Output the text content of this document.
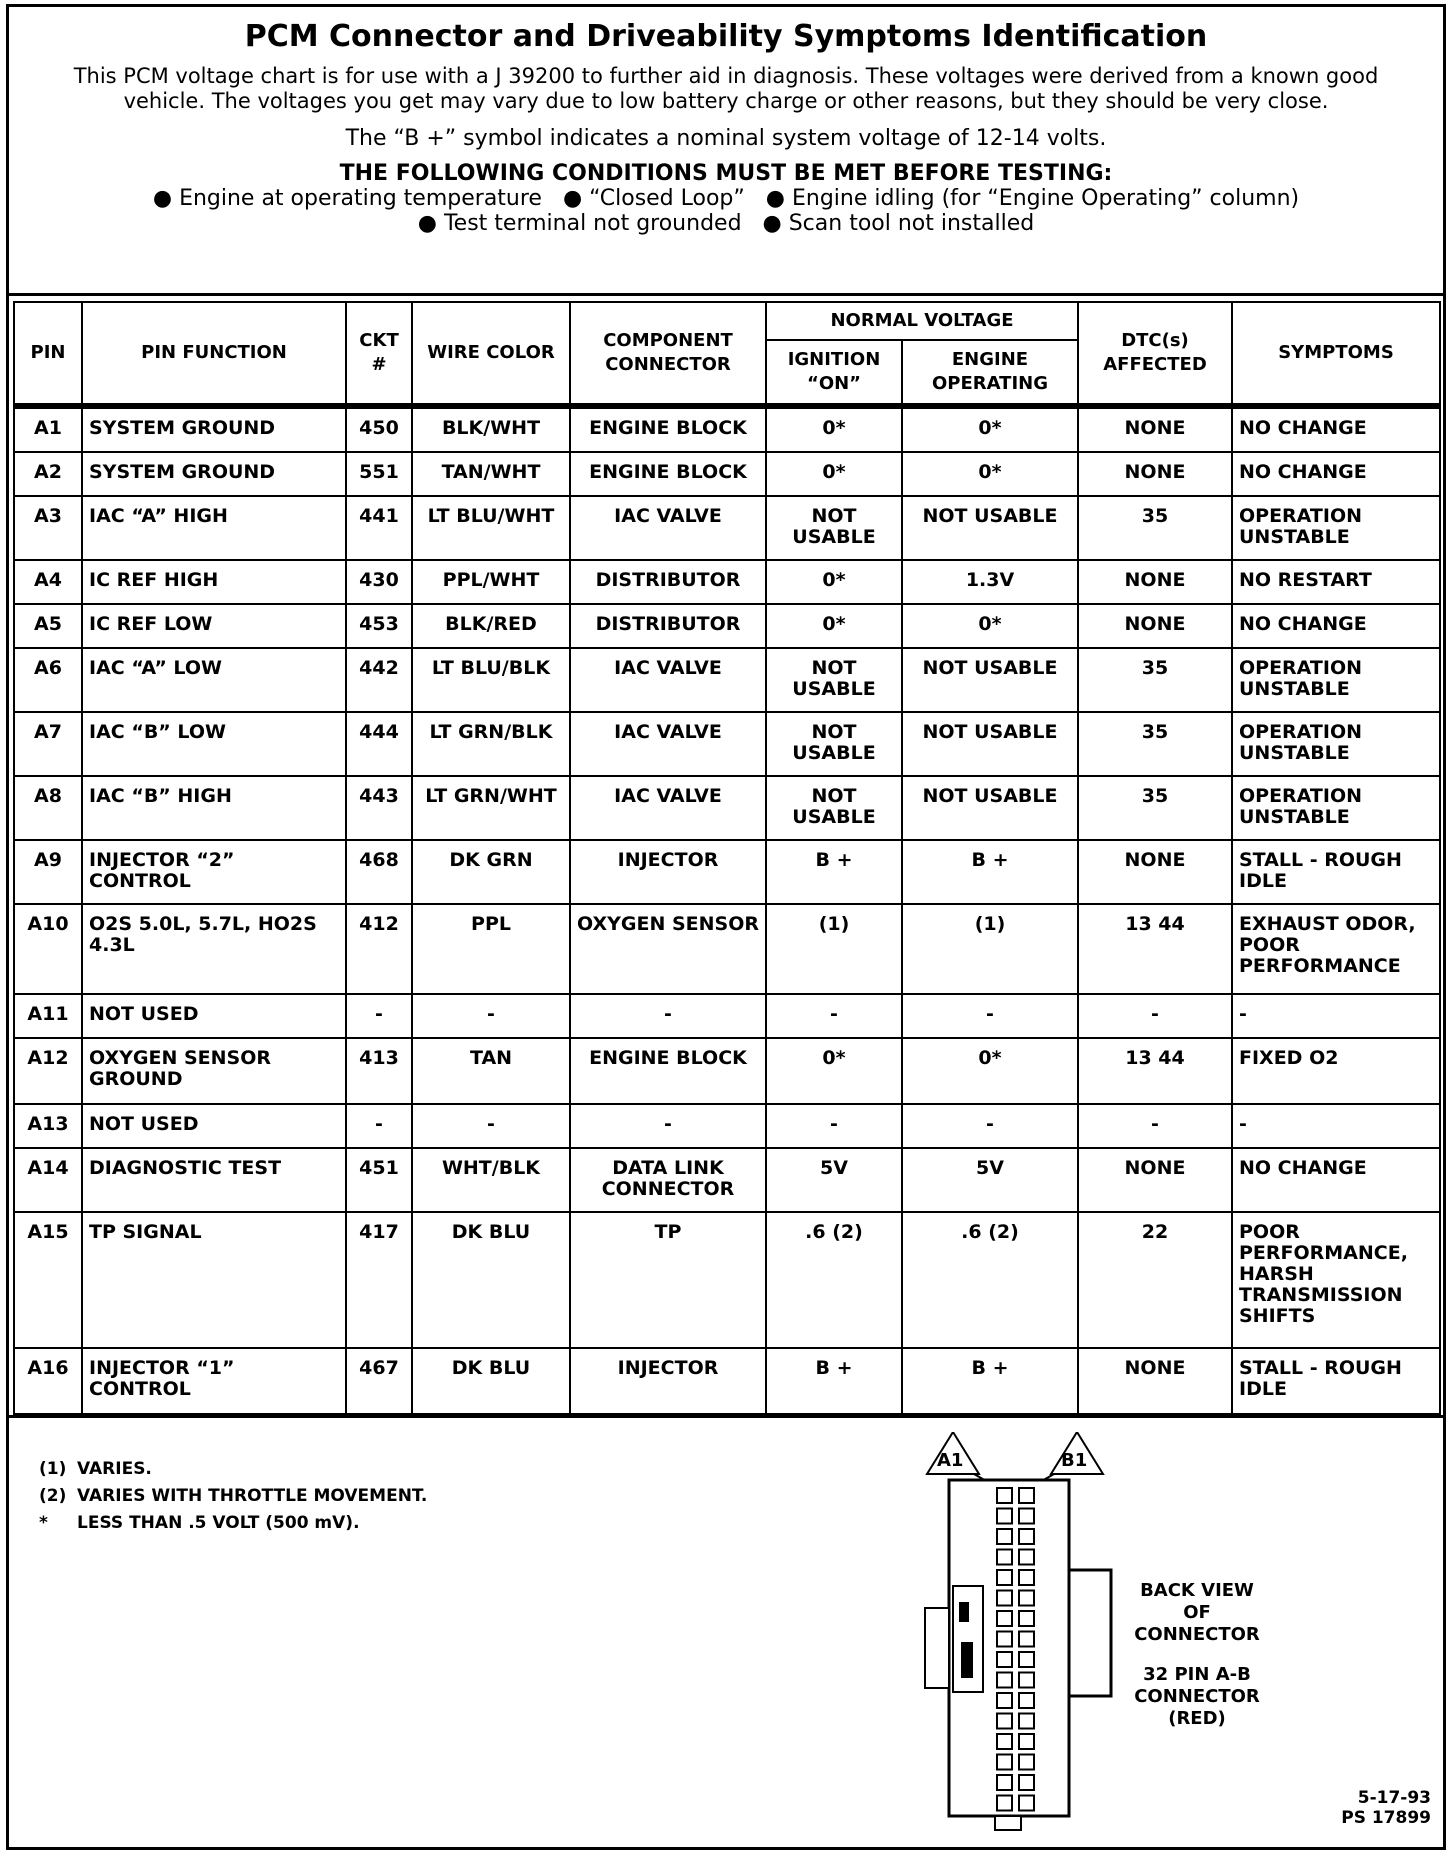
PCM Connector and Driveability Symptoms Identification
This PCM voltage chart is for use with a J 39200 to further aid in diagnosis. These voltages were derived from a known good vehicle. The voltages you get may vary due to low battery charge or other reasons, but they should be very close.
The “B +” symbol indicates a nominal system voltage of 12-14 volts.
THE FOLLOWING CONDITIONS MUST BE MET BEFORE TESTING:
● Engine at operating temperature   ● “Closed Loop”   ● Engine idling (for “Engine Operating” column)
● Test terminal not grounded   ● Scan tool not installed
PIN	PIN FUNCTION	CKT #	WIRE COLOR	COMPONENT CONNECTOR	NORMAL VOLTAGE		DTC(s) AFFECTED	SYMPTOMS
					IGNITION “ON”	ENGINE OPERATING		
A1	SYSTEM GROUND	450	BLK/WHT	ENGINE BLOCK	0*	0*	NONE	NO CHANGE
A2	SYSTEM GROUND	551	TAN/WHT	ENGINE BLOCK	0*	0*	NONE	NO CHANGE
A3	IAC “A” HIGH	441	LT BLU/WHT	IAC VALVE	NOT USABLE	NOT USABLE	35	OPERATION UNSTABLE
A4	IC REF HIGH	430	PPL/WHT	DISTRIBUTOR	0*	1.3V	NONE	NO RESTART
A5	IC REF LOW	453	BLK/RED	DISTRIBUTOR	0*	0*	NONE	NO CHANGE
A6	IAC “A” LOW	442	LT BLU/BLK	IAC VALVE	NOT USABLE	NOT USABLE	35	OPERATION UNSTABLE
A7	IAC “B” LOW	444	LT GRN/BLK	IAC VALVE	NOT USABLE	NOT USABLE	35	OPERATION UNSTABLE
A8	IAC “B” HIGH	443	LT GRN/WHT	IAC VALVE	NOT USABLE	NOT USABLE	35	OPERATION UNSTABLE
A9	INJECTOR “2” CONTROL	468	DK GRN	INJECTOR	B +	B +	NONE	STALL - ROUGH IDLE
A10	O2S 5.0L, 5.7L, HO2S 4.3L	412	PPL	OXYGEN SENSOR	(1)	(1)	13 44	EXHAUST ODOR, POOR PERFORMANCE
A11	NOT USED	-	-	-	-	-	-	-
A12	OXYGEN SENSOR GROUND	413	TAN	ENGINE BLOCK	0*	0*	13 44	FIXED O2
A13	NOT USED	-	-	-	-	-	-	-
A14	DIAGNOSTIC TEST	451	WHT/BLK	DATA LINK CONNECTOR	5V	5V	NONE	NO CHANGE
A15	TP SIGNAL	417	DK BLU	TP	.6 (2)	.6 (2)	22	POOR PERFORMANCE, HARSH TRANSMISSION SHIFTS
A16	INJECTOR “1” CONTROL	467	DK BLU	INJECTOR	B +	B +	NONE	STALL - ROUGH IDLE
(1) VARIES.
(2) VARIES WITH THROTTLE MOVEMENT.
* LESS THAN .5 VOLT (500 mV).
A1	B1
BACK VIEW OF CONNECTOR
32 PIN A-B CONNECTOR (RED)
5-17-93
PS 17899
